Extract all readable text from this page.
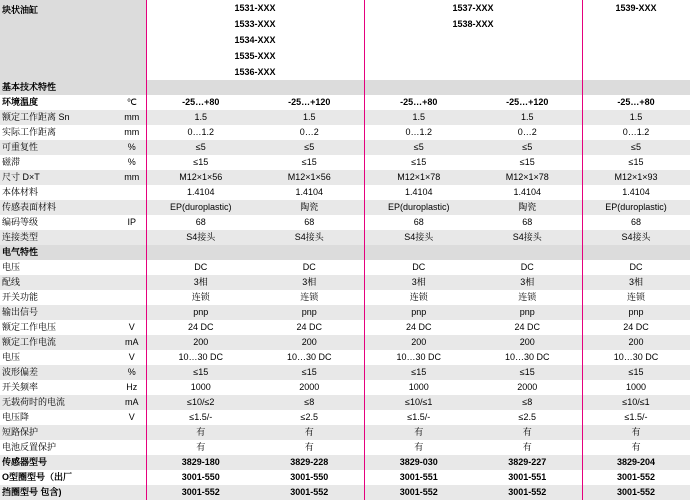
块状油缸		1531-XXX		1537-XXX		1539-XXX
		1533-XXX		1538-XXX		
		1534-XXX				
		1535-XXX				
		1536-XXX				
基本技术特性						
环境温度	℃	-25…+80	-25…+120	-25…+80	-25…+120	-25…+80
额定工作距离 Sn	mm	1.5	1.5	1.5	1.5	1.5
实际工作距离	mm	0…1.2	0…2	0…1.2	0…2	0…1.2
可重复性	%	≤5	≤5	≤5	≤5	≤5
磁滞	%	≤15	≤15	≤15	≤15	≤15
尺寸 D×T	mm	M12×1×56	M12×1×56	M12×1×78	M12×1×78	M12×1×93
本体材料		1.4104	1.4104	1.4104	1.4104	1.4104
传感表面材料		EP(duroplastic)	陶瓷	EP(duroplastic)	陶瓷	EP(duroplastic)
编码等级	IP	68	68	68	68	68
连接类型		S4接头	S4接头	S4接头	S4接头	S4接头
电气特性						
电压		DC	DC	DC	DC	DC
配线		3相	3相	3相	3相	3相
开关功能		连锁	连锁	连锁	连锁	连锁
输出信号		pnp	pnp	pnp	pnp	pnp
额定工作电压	V	24 DC	24 DC	24 DC	24 DC	24 DC
额定工作电流	mA	200	200	200	200	200
电压	V	10…30 DC	10…30 DC	10…30 DC	10…30 DC	10…30 DC
波形偏差	%	≤15	≤15	≤15	≤15	≤15
开关频率	Hz	1000	2000	1000	2000	1000
无载荷时的电流	mA	≤10/≤2	≤8	≤10/≤1	≤8	≤10/≤1
电压降	V	≤1.5/-	≤2.5	≤1.5/-	≤2.5	≤1.5/-
短路保护		有	有	有	有	有
电池反置保护		有	有	有	有	有
传感器型号		3829-180	3829-228	3829-030	3829-227	3829-204
O型圈型号（出厂		3001-550	3001-550	3001-551	3001-551	3001-552
挡圈型号 包含)		3001-552	3001-552	3001-552	3001-552	3001-552
